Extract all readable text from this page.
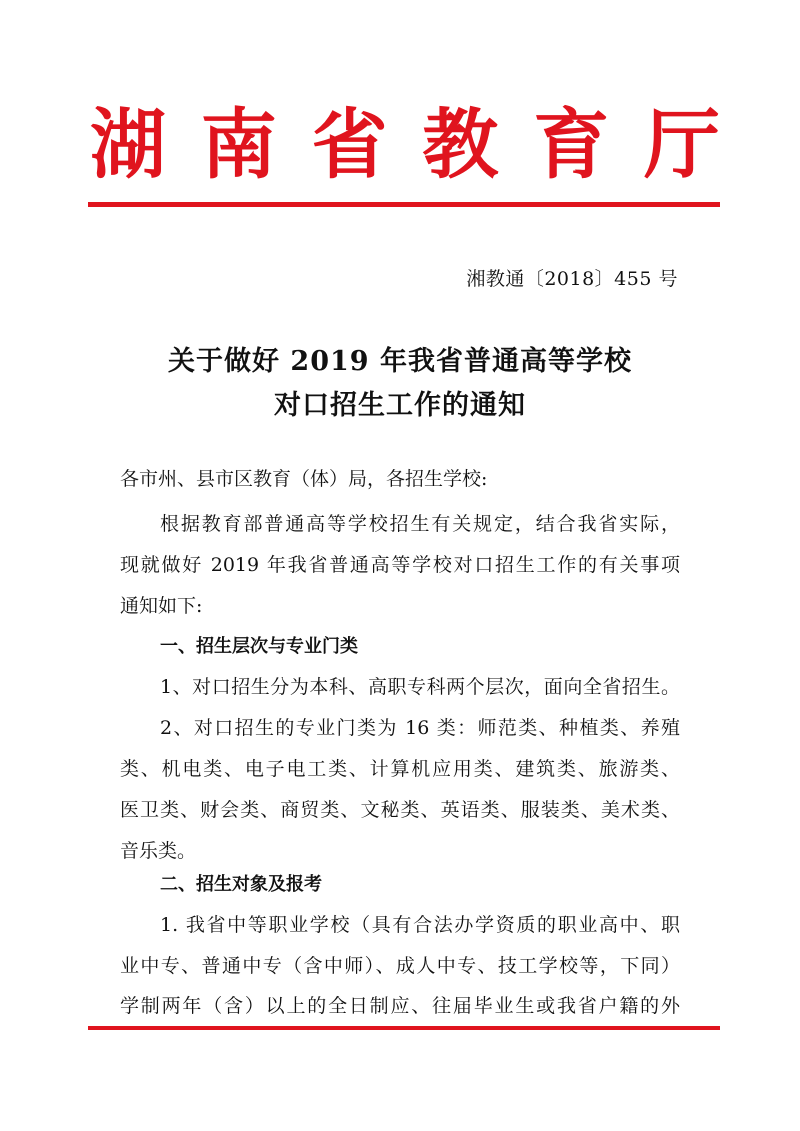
湖 南 省 教 育 厅
湘教通〔2018〕455 号
关于做好 2019 年我省普通高等学校
对口招生工作的通知
各市州、县市区教育（体）局，各招生学校:
根据教育部普通高等学校招生有关规定，结合我省实际，
现就做好 2019 年我省普通高等学校对口招生工作的有关事项
通知如下:
一、招生层次与专业门类
1、对口招生分为本科、高职专科两个层次，面向全省招生。
2、对口招生的专业门类为 16 类：师范类、种植类、养殖
类、机电类、电子电工类、计算机应用类、建筑类、旅游类、
医卫类、财会类、商贸类、文秘类、英语类、服装类、美术类、
音乐类。
二、招生对象及报考
1. 我省中等职业学校（具有合法办学资质的职业高中、职
业中专、普通中专（含中师）、成人中专、技工学校等，下同）
学制两年（含）以上的全日制应、往届毕业生或我省户籍的外
